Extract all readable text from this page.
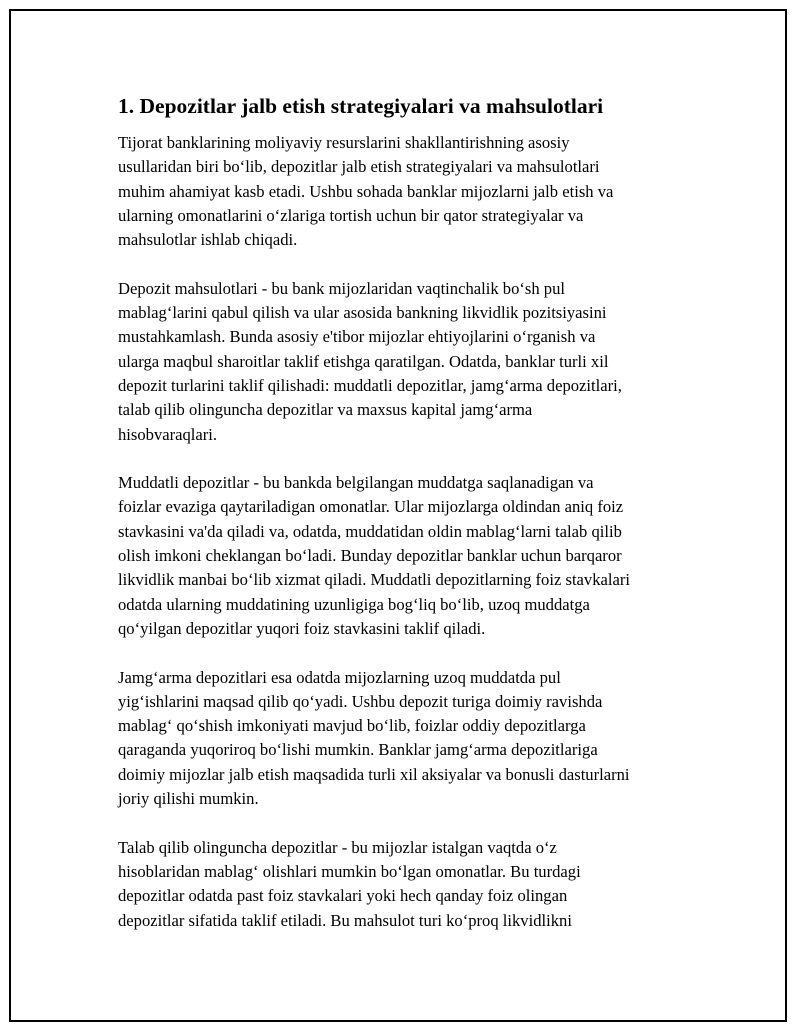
1. Depozitlar jalb etish strategiyalari va mahsulotlari

Tijorat banklarining moliyaviy resurslarini shakllantirishning asosiy
usullaridan biri bo‘lib, depozitlar jalb etish strategiyalari va mahsulotlari
muhim ahamiyat kasb etadi. Ushbu sohada banklar mijozlarni jalb etish va
ularning omonatlarini o‘zlariga tortish uchun bir qator strategiyalar va
mahsulotlar ishlab chiqadi.

Depozit mahsulotlari - bu bank mijozlaridan vaqtinchalik bo‘sh pul
mablag‘larini qabul qilish va ular asosida bankning likvidlik pozitsiyasini
mustahkamlash. Bunda asosiy e'tibor mijozlar ehtiyojlarini o‘rganish va
ularga maqbul sharoitlar taklif etishga qaratilgan. Odatda, banklar turli xil
depozit turlarini taklif qilishadi: muddatli depozitlar, jamg‘arma depozitlari,
talab qilib olinguncha depozitlar va maxsus kapital jamg‘arma
hisobvaraqlari.

Muddatli depozitlar - bu bankda belgilangan muddatga saqlanadigan va
foizlar evaziga qaytariladigan omonatlar. Ular mijozlarga oldindan aniq foiz
stavkasini va'da qiladi va, odatda, muddatidan oldin mablag‘larni talab qilib
olish imkoni cheklangan bo‘ladi. Bunday depozitlar banklar uchun barqaror
likvidlik manbai bo‘lib xizmat qiladi. Muddatli depozitlarning foiz stavkalari
odatda ularning muddatining uzunligiga bog‘liq bo‘lib, uzoq muddatga
qo‘yilgan depozitlar yuqori foiz stavkasini taklif qiladi.

Jamg‘arma depozitlari esa odatda mijozlarning uzoq muddatda pul
yig‘ishlarini maqsad qilib qo‘yadi. Ushbu depozit turiga doimiy ravishda
mablag‘ qo‘shish imkoniyati mavjud bo‘lib, foizlar oddiy depozitlarga
qaraganda yuqoriroq bo‘lishi mumkin. Banklar jamg‘arma depozitlariga
doimiy mijozlar jalb etish maqsadida turli xil aksiyalar va bonusli dasturlarni
joriy qilishi mumkin.

Talab qilib olinguncha depozitlar - bu mijozlar istalgan vaqtda o‘z
hisoblaridan mablag‘ olishlari mumkin bo‘lgan omonatlar. Bu turdagi
depozitlar odatda past foiz stavkalari yoki hech qanday foiz olingan
depozitlar sifatida taklif etiladi. Bu mahsulot turi ko‘proq likvidlikni
